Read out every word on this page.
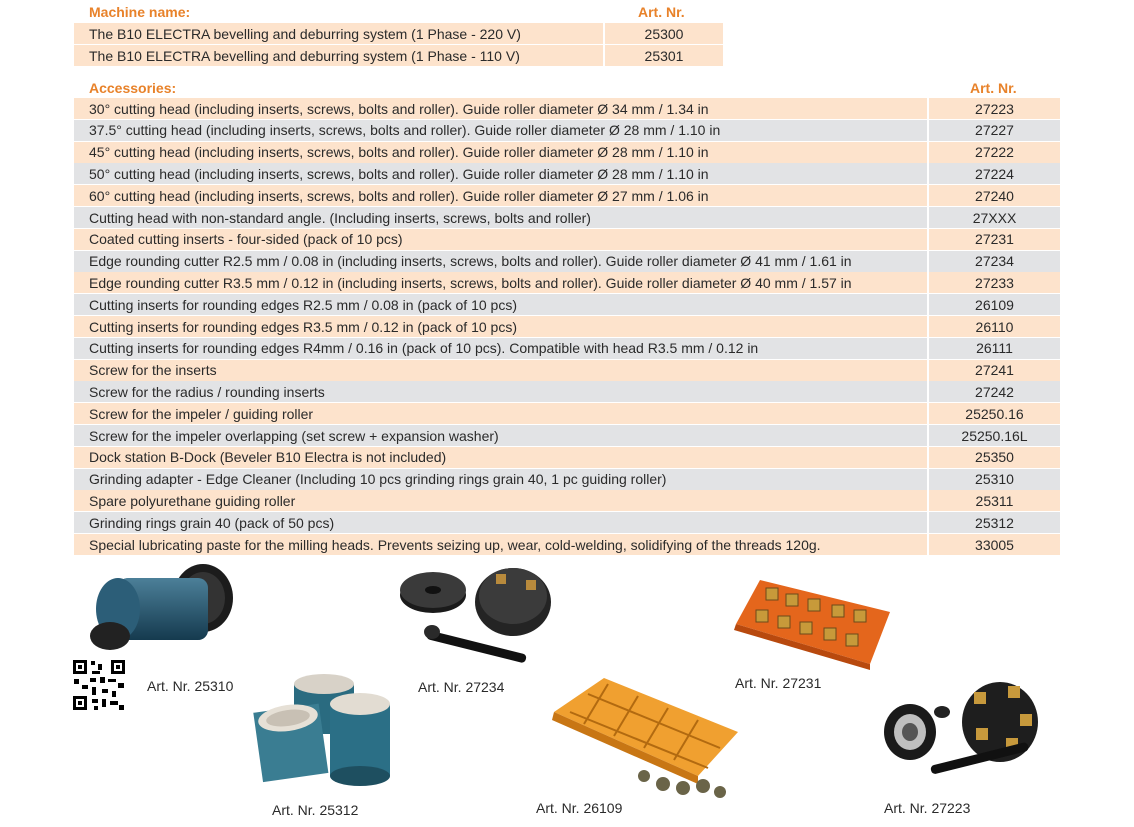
Machine name:	Art. Nr.
The B10 ELECTRA bevelling and deburring system (1 Phase - 220 V)	25300
The B10 ELECTRA bevelling and deburring system (1 Phase - 110 V)	25301
Accessories:	Art. Nr.
30° cutting head (including inserts, screws, bolts and roller). Guide roller diameter Ø 34 mm / 1.34 in	27223
37.5° cutting head (including inserts, screws, bolts and roller). Guide roller diameter Ø 28 mm / 1.10 in	27227
45° cutting head (including inserts, screws, bolts and roller). Guide roller diameter Ø 28 mm / 1.10 in	27222
50° cutting head (including inserts, screws, bolts and roller). Guide roller diameter Ø 28 mm / 1.10 in	27224
60° cutting head (including inserts, screws, bolts and roller). Guide roller diameter Ø 27 mm / 1.06 in	27240
Cutting head with non-standard angle. (Including inserts, screws, bolts and roller)	27XXX
Coated cutting inserts - four-sided (pack of 10 pcs)	27231
Edge rounding cutter R2.5 mm / 0.08 in (including inserts, screws, bolts and roller). Guide roller diameter Ø 41 mm / 1.61 in	27234
Edge rounding cutter R3.5 mm / 0.12 in (including inserts, screws, bolts and roller). Guide roller diameter Ø 40 mm / 1.57 in	27233
Cutting inserts for rounding edges R2.5 mm / 0.08 in (pack of 10 pcs)	26109
Cutting inserts for rounding edges R3.5 mm / 0.12 in (pack of 10 pcs)	26110
Cutting inserts for rounding edges R4mm / 0.16 in (pack of 10 pcs). Compatible with head R3.5 mm / 0.12 in	26111
Screw for the inserts	27241
Screw for the radius / rounding inserts	27242
Screw for the impeler / guiding roller	25250.16
Screw for the impeler overlapping (set screw + expansion washer)	25250.16L
Dock station B-Dock (Beveler B10 Electra is not included)	25350
Grinding adapter - Edge Cleaner (Including 10 pcs grinding rings grain 40, 1 pc guiding roller)	25310
Spare polyurethane guiding roller	25311
Grinding rings grain 40 (pack of 50 pcs)	25312
Special lubricating paste for the milling heads. Prevents seizing up, wear, cold-welding, solidifying of the threads 120g.	33005
Art. Nr. 25310	Art. Nr. 27234	Art. Nr. 27231
Art. Nr. 25312	Art. Nr. 26109	Art. Nr. 27223
